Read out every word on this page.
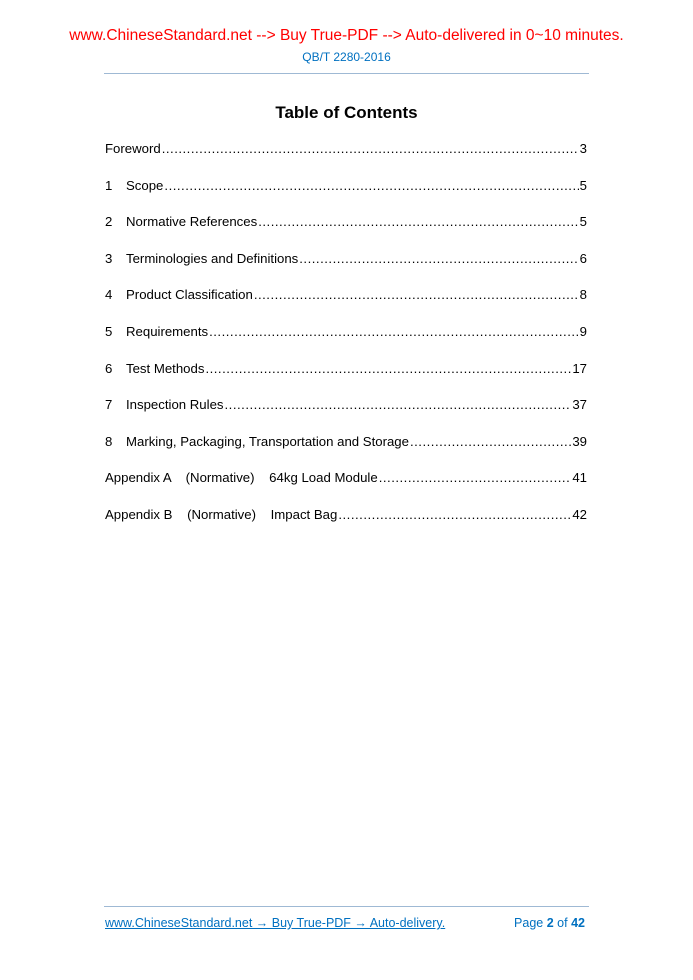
www.ChineseStandard.net --> Buy True-PDF --> Auto-delivered in 0~10 minutes.
QB/T 2280-2016
Table of Contents
Foreword .....	3
1	Scope .....	5
2	Normative References .....	5
3	Terminologies and Definitions .....	6
4	Product Classification .....	8
5	Requirements .....	9
6	Test Methods .....	17
7	Inspection Rules .....	37
8	Marking, Packaging, Transportation and Storage .....	39
Appendix A    (Normative)    64kg Load Module .....	41
Appendix B    (Normative)    Impact Bag .....	42
www.ChineseStandard.net → Buy True-PDF → Auto-delivery.	Page 2 of 42
